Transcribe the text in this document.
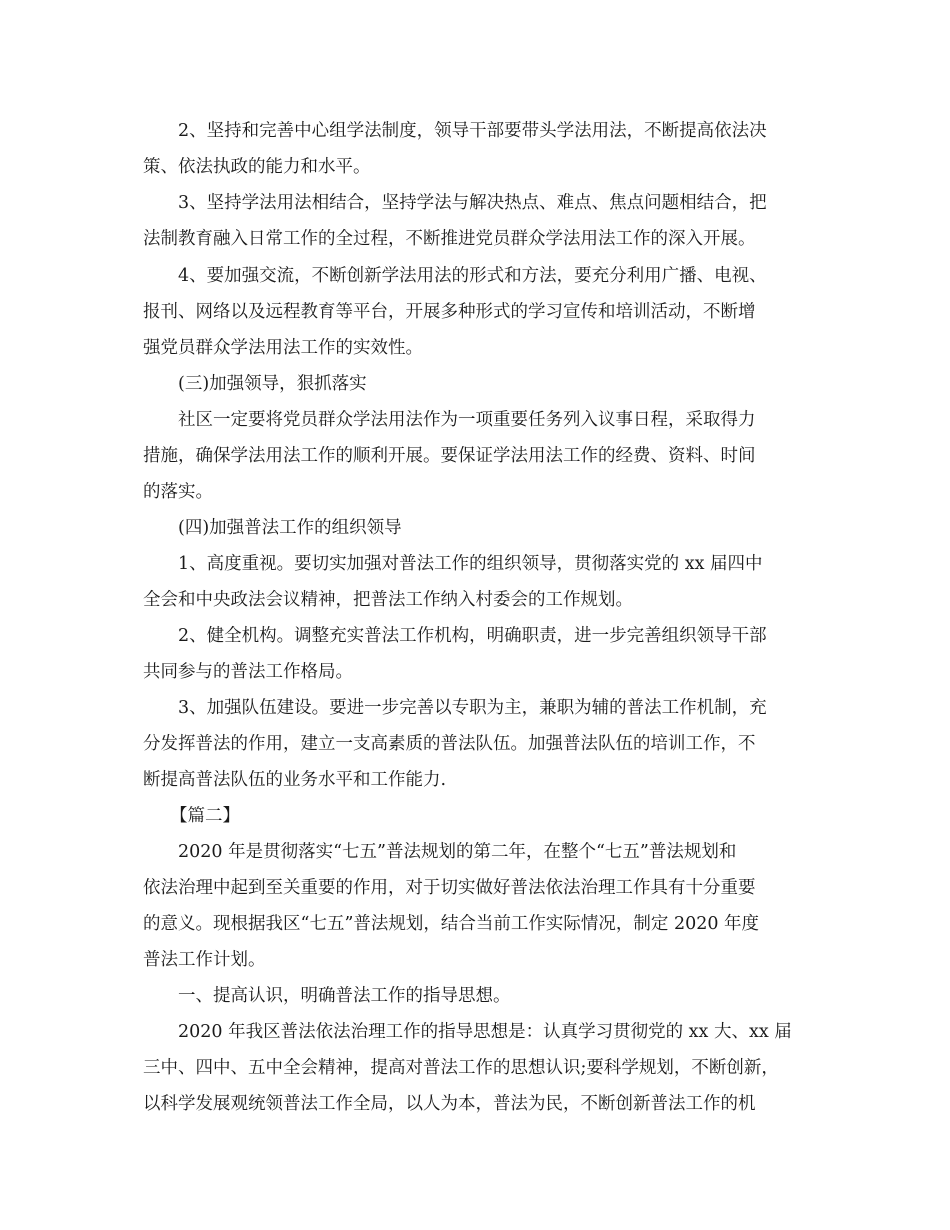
2、坚持和完善中心组学法制度，领导干部要带头学法用法，不断提高依法决
策、依法执政的能力和水平。
3、坚持学法用法相结合，坚持学法与解决热点、难点、焦点问题相结合，把
法制教育融入日常工作的全过程，不断推进党员群众学法用法工作的深入开展。
4、要加强交流，不断创新学法用法的形式和方法，要充分利用广播、电视、
报刊、网络以及远程教育等平台，开展多种形式的学习宣传和培训活动，不断增
强党员群众学法用法工作的实效性。
(三)加强领导，狠抓落实
社区一定要将党员群众学法用法作为一项重要任务列入议事日程，采取得力
措施，确保学法用法工作的顺利开展。要保证学法用法工作的经费、资料、时间
的落实。
(四)加强普法工作的组织领导
1、高度重视。要切实加强对普法工作的组织领导，贯彻落实党的 xx 届四中
全会和中央政法会议精神，把普法工作纳入村委会的工作规划。
2、健全机构。调整充实普法工作机构，明确职责，进一步完善组织领导干部
共同参与的普法工作格局。
3、加强队伍建设。要进一步完善以专职为主，兼职为辅的普法工作机制，充
分发挥普法的作用，建立一支高素质的普法队伍。加强普法队伍的培训工作，不
断提高普法队伍的业务水平和工作能力.
【篇二】
2020 年是贯彻落实“七五”普法规划的第二年，在整个“七五”普法规划和
依法治理中起到至关重要的作用，对于切实做好普法依法治理工作具有十分重要
的意义。现根据我区“七五”普法规划，结合当前工作实际情况，制定 2020 年度
普法工作计划。
一、提高认识，明确普法工作的指导思想。
2020 年我区普法依法治理工作的指导思想是：认真学习贯彻党的 xx 大、xx 届
三中、四中、五中全会精神，提高对普法工作的思想认识;要科学规划，不断创新，
以科学发展观统领普法工作全局，以人为本，普法为民，不断创新普法工作的机
